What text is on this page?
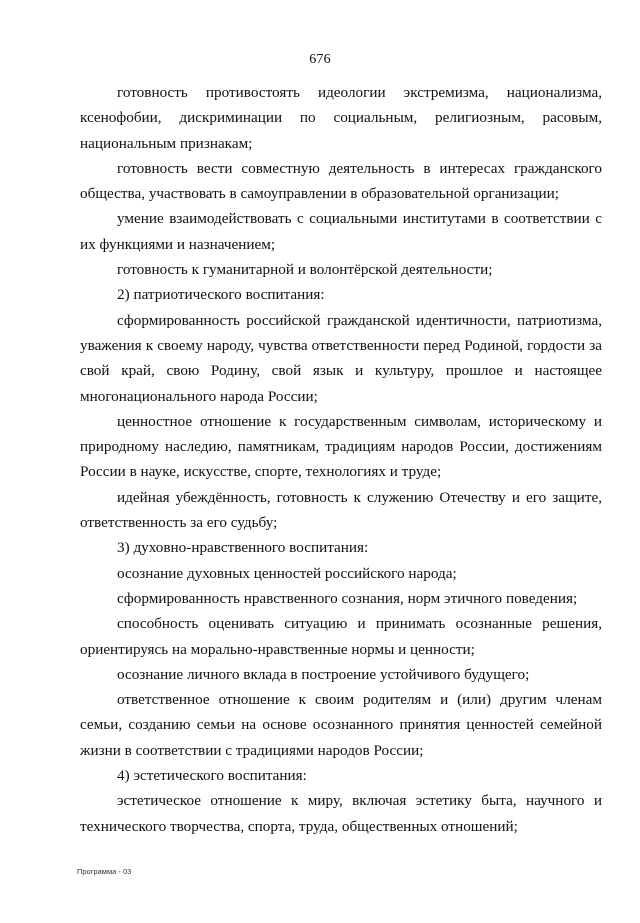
676

готовность противостоять идеологии экстремизма, национализма, ксенофобии, дискриминации по социальным, религиозным, расовым, национальным признакам;

готовность вести совместную деятельность в интересах гражданского общества, участвовать в самоуправлении в образовательной организации;

умение взаимодействовать с социальными институтами в соответствии с их функциями и назначением;

готовность к гуманитарной и волонтёрской деятельности;

2) патриотического воспитания:

сформированность российской гражданской идентичности, патриотизма, уважения к своему народу, чувства ответственности перед Родиной, гордости за свой край, свою Родину, свой язык и культуру, прошлое и настоящее многонационального народа России;

ценностное отношение к государственным символам, историческому и природному наследию, памятникам, традициям народов России, достижениям России в науке, искусстве, спорте, технологиях и труде;

идейная убеждённость, готовность к служению Отечеству и его защите, ответственность за его судьбу;

3) духовно-нравственного воспитания:

осознание духовных ценностей российского народа;

сформированность нравственного сознания, норм этичного поведения;

способность оценивать ситуацию и принимать осознанные решения, ориентируясь на морально-нравственные нормы и ценности;

осознание личного вклада в построение устойчивого будущего;

ответственное отношение к своим родителям и (или) другим членам семьи, созданию семьи на основе осознанного принятия ценностей семейной жизни в соответствии с традициями народов России;

4) эстетического воспитания:

эстетическое отношение к миру, включая эстетику быта, научного и технического творчества, спорта, труда, общественных отношений;

Программа - 03
